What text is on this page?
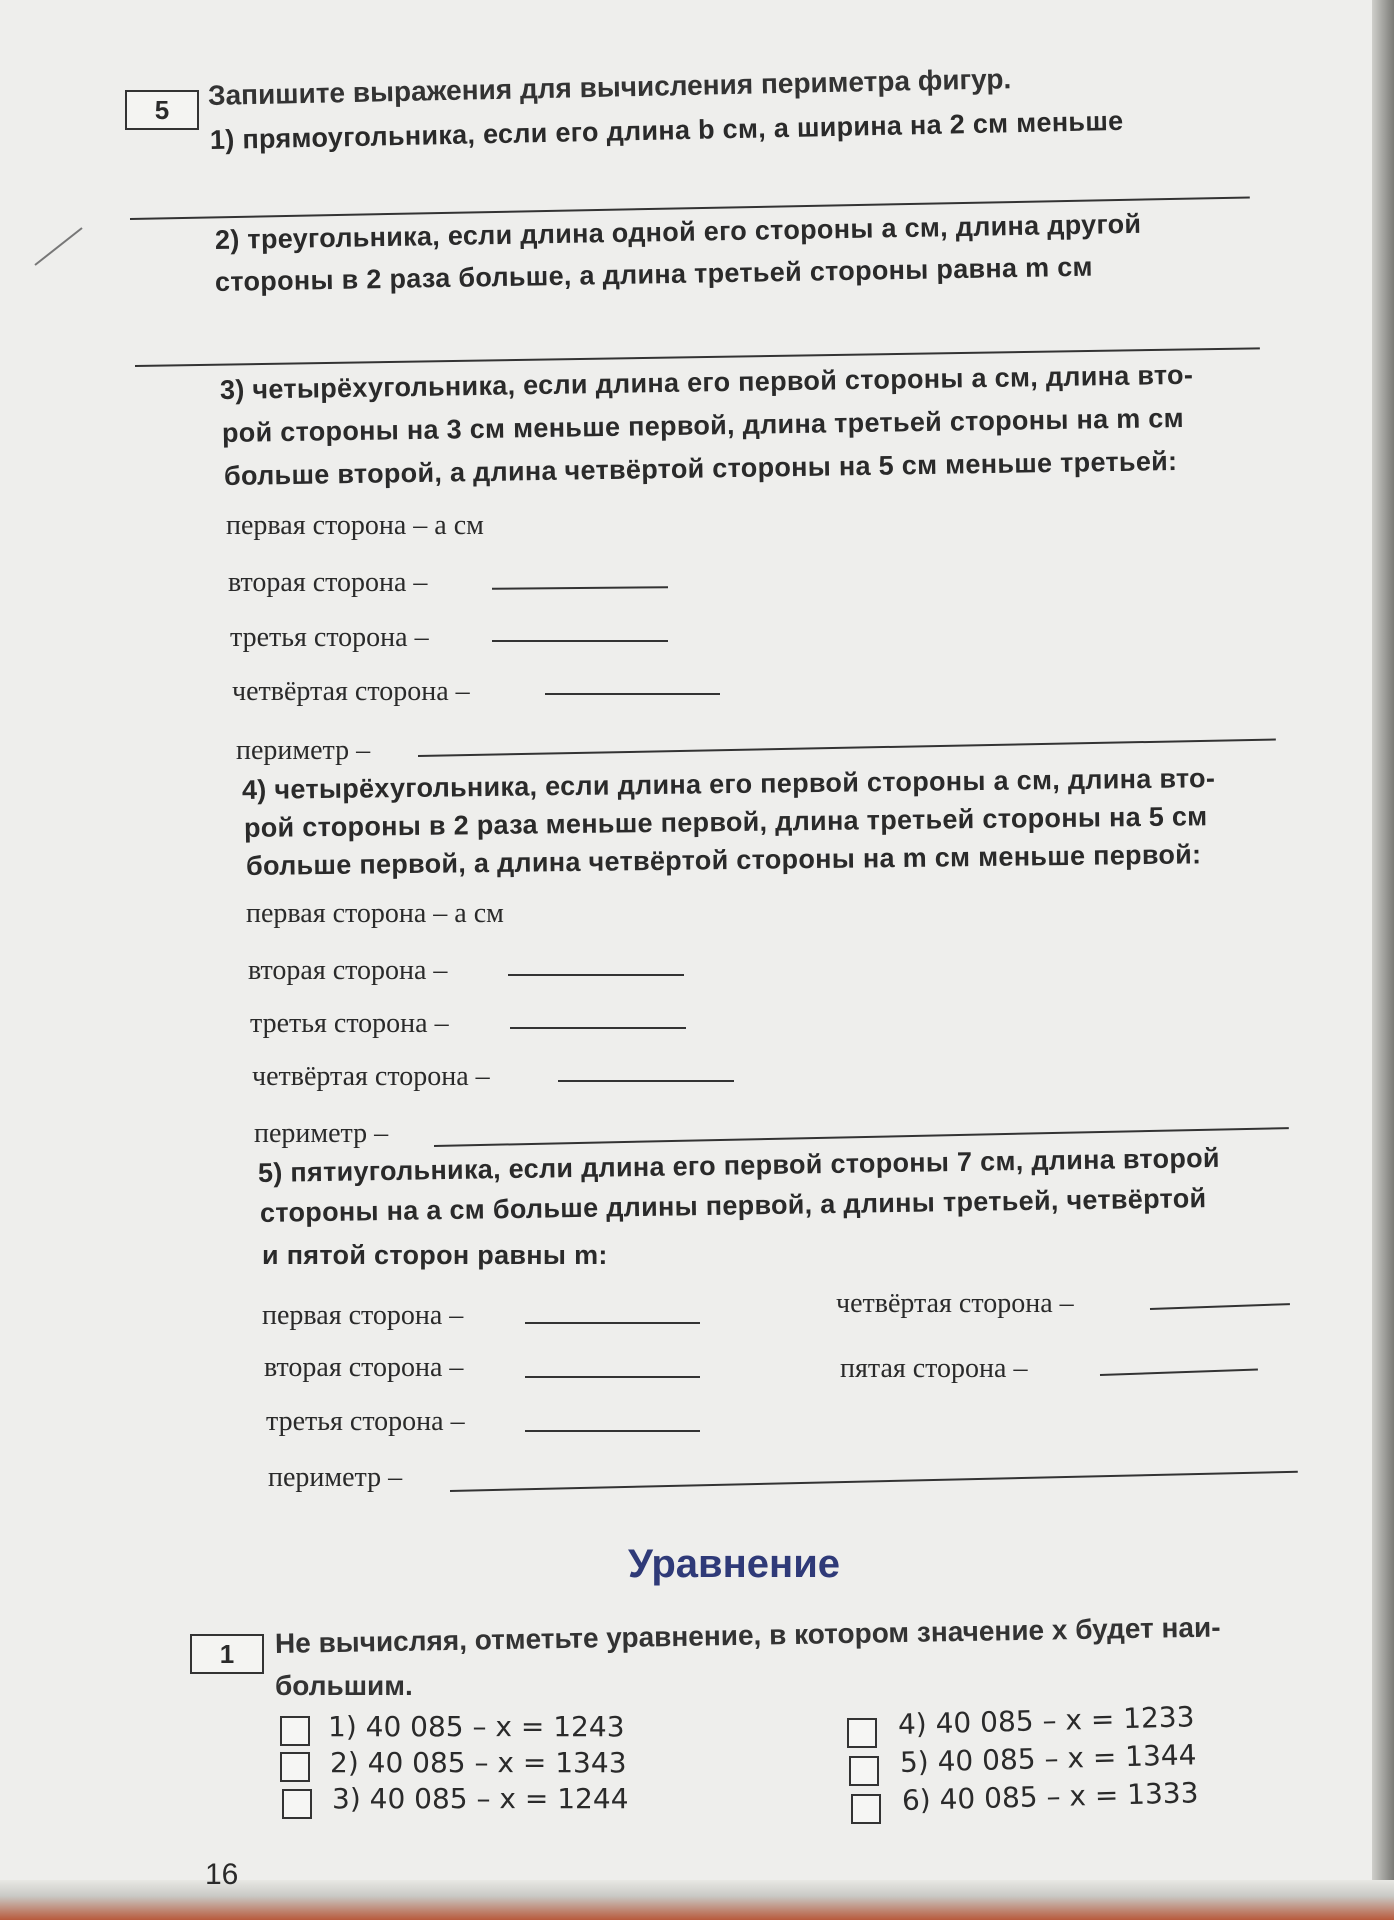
5	Запишите выражения для вычисления периметра фигур.
1) прямоугольника, если его длина b см, а ширина на 2 см меньше
2) треугольника, если длина одной его стороны a см, длина другой
стороны в 2 раза больше, а длина третьей стороны равна m см
3) четырёхугольника, если длина его первой стороны a см, длина вто-
рой стороны на 3 см меньше первой, длина третьей стороны на m см
больше второй, а длина четвёртой стороны на 5 см меньше третьей:
первая сторона – a см
вторая сторона –
третья сторона –
четвёртая сторона –
периметр –
4) четырёхугольника, если длина его первой стороны a см, длина вто-
рой стороны в 2 раза меньше первой, длина третьей стороны на 5 см
больше первой, а длина четвёртой стороны на m см меньше первой:
первая сторона – a см
вторая сторона –
третья сторона –
четвёртая сторона –
периметр –
5) пятиугольника, если длина его первой стороны 7 см, длина второй
стороны на a см больше длины первой, а длины третьей, четвёртой
и пятой сторон равны m:
первая сторона –
вторая сторона –
третья сторона –
четвёртая сторона –
пятая сторона –
периметр –
Уравнение
1	Не вычисляя, отметьте уравнение, в котором значение x будет наи-
большим.
1) 40 085 – x = 1243
2) 40 085 – x = 1343
3) 40 085 – x = 1244
4) 40 085 – x = 1233
5) 40 085 – x = 1344
6) 40 085 – x = 1333
16
